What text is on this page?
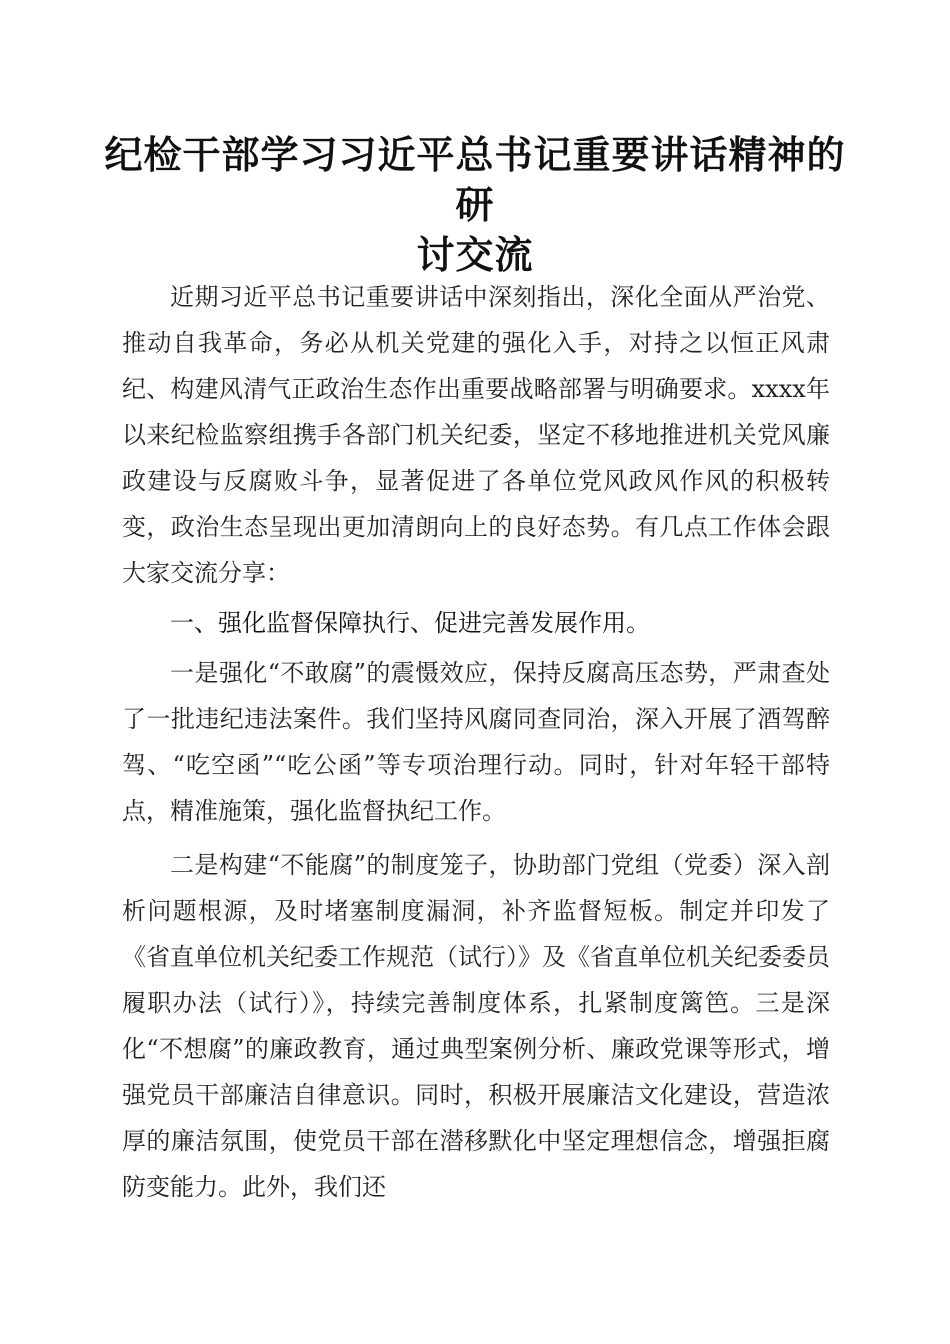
纪检干部学习习近平总书记重要讲话精神的研
讨交流

近期习近平总书记重要讲话中深刻指出，深化全面从严治党、推动自我革命，务必从机关党建的强化入手，对持之以恒正风肃纪、构建风清气正政治生态作出重要战略部署与明确要求。xxxx年以来纪检监察组携手各部门机关纪委，坚定不移地推进机关党风廉政建设与反腐败斗争，显著促进了各单位党风政风作风的积极转变，政治生态呈现出更加清朗向上的良好态势。有几点工作体会跟大家交流分享：

一、强化监督保障执行、促进完善发展作用。

一是强化“不敢腐”的震慑效应，保持反腐高压态势，严肃查处了一批违纪违法案件。我们坚持风腐同查同治，深入开展了酒驾醉驾、“吃空函”“吃公函”等专项治理行动。同时，针对年轻干部特点，精准施策，强化监督执纪工作。

二是构建“不能腐”的制度笼子，协助部门党组（党委）深入剖析问题根源，及时堵塞制度漏洞，补齐监督短板。制定并印发了《省直单位机关纪委工作规范（试行）》及《省直单位机关纪委委员履职办法（试行）》，持续完善制度体系，扎紧制度篱笆。三是深化“不想腐”的廉政教育，通过典型案例分析、廉政党课等形式，增强党员干部廉洁自律意识。同时，积极开展廉洁文化建设，营造浓厚的廉洁氛围，使党员干部在潜移默化中坚定理想信念，增强拒腐防变能力。此外，我们还
